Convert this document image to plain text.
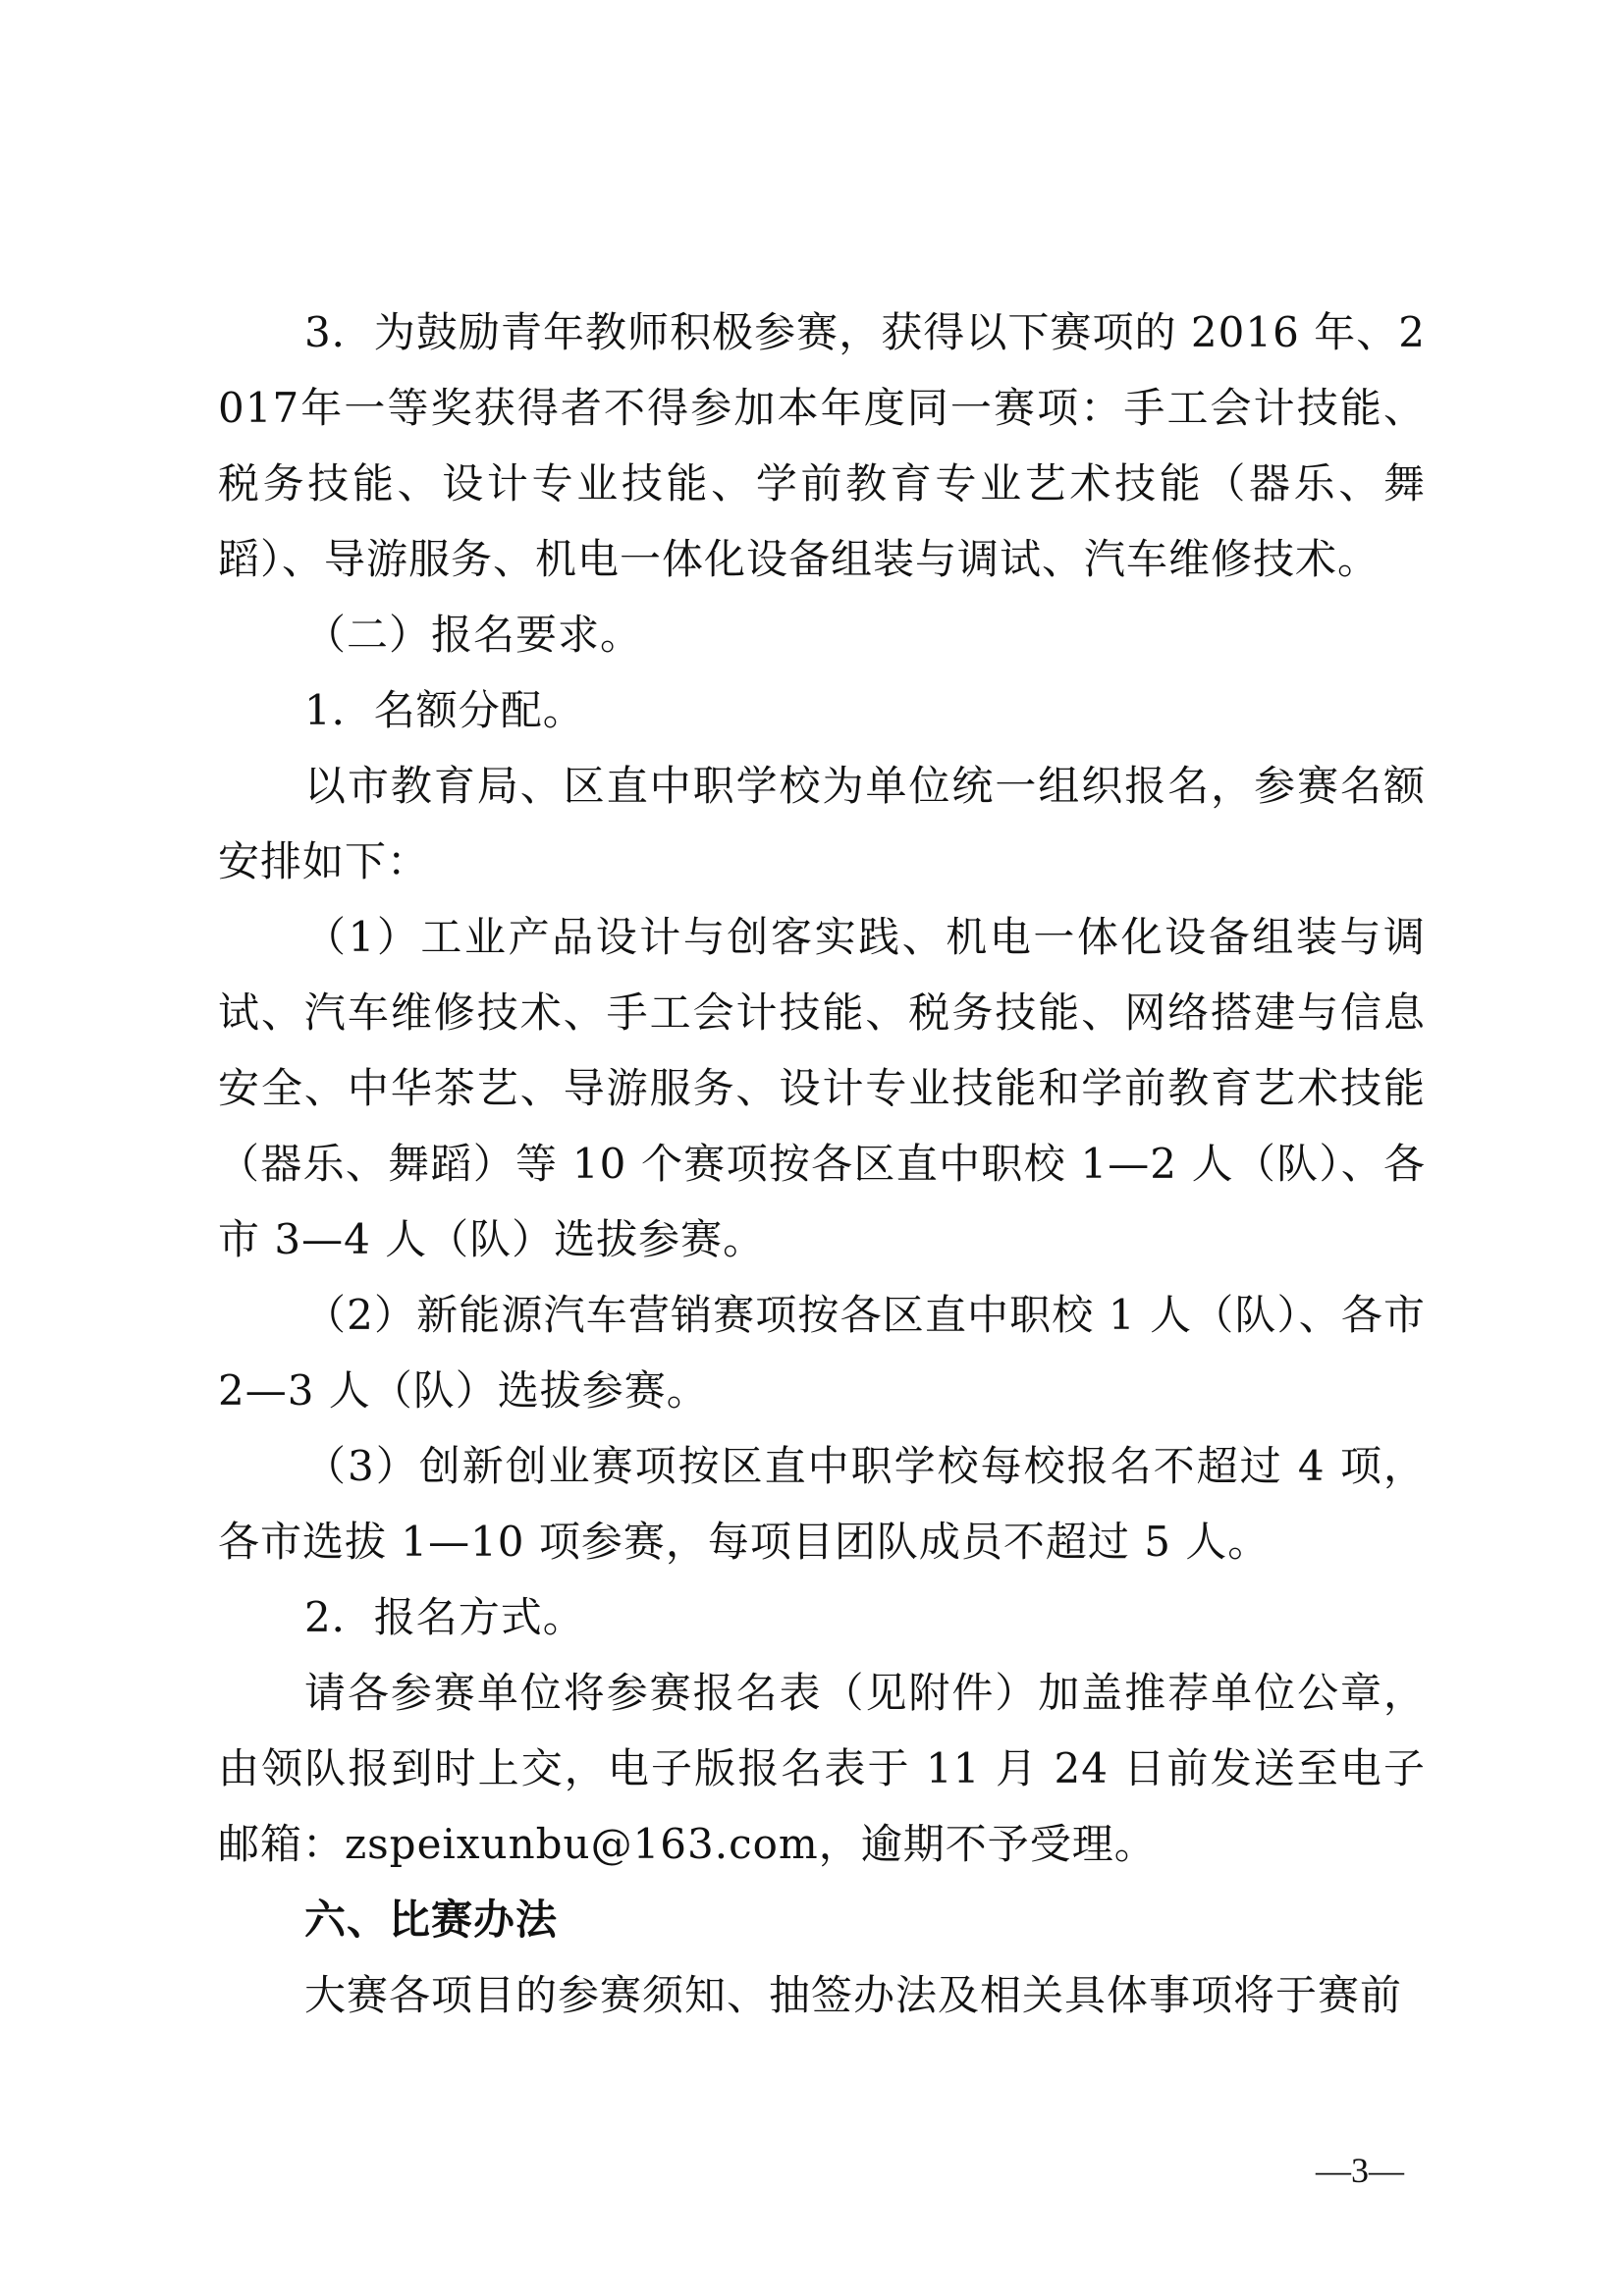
3．为鼓励青年教师积极参赛，获得以下赛项的 2016 年、2017年一等奖获得者不得参加本年度同一赛项：手工会计技能、税务技能、设计专业技能、学前教育专业艺术技能（器乐、舞蹈）、导游服务、机电一体化设备组装与调试、汽车维修技术。

（二）报名要求。

1．名额分配。

以市教育局、区直中职学校为单位统一组织报名，参赛名额安排如下：

（1）工业产品设计与创客实践、机电一体化设备组装与调试、汽车维修技术、手工会计技能、税务技能、网络搭建与信息安全、中华茶艺、导游服务、设计专业技能和学前教育艺术技能（器乐、舞蹈）等 10 个赛项按各区直中职校 1—2 人（队）、各市 3—4 人（队）选拔参赛。

（2）新能源汽车营销赛项按各区直中职校 1 人（队）、各市 2—3 人（队）选拔参赛。

（3）创新创业赛项按区直中职学校每校报名不超过 4 项，各市选拔 1—10 项参赛，每项目团队成员不超过 5 人。

2．报名方式。

请各参赛单位将参赛报名表（见附件）加盖推荐单位公章，由领队报到时上交，电子版报名表于 11 月 24 日前发送至电子邮箱：zspeixunbu@163.com，逾期不予受理。

六、比赛办法

大赛各项目的参赛须知、抽签办法及相关具体事项将于赛前

—3—
